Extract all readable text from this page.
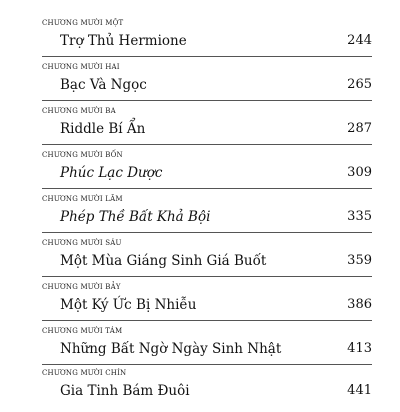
CHƯƠNG MƯỜI MỘT
Trợ Thủ Hermione	244
CHƯƠNG MƯỜI HAI
Bạc Và Ngọc	265
CHƯƠNG MƯỜI BA
Riddle Bí Ẩn	287
CHƯƠNG MƯỜI BỐN
Phúc Lạc Dược	309
CHƯƠNG MƯỜI LĂM
Phép Thề Bất Khả Bội	335
CHƯƠNG MƯỜI SÁU
Một Mùa Giáng Sinh Giá Buốt	359
CHƯƠNG MƯỜI BẢY
Một Ký Ức Bị Nhiễu	386
CHƯƠNG MƯỜI TÁM
Những Bất Ngờ Ngày Sinh Nhật	413
CHƯƠNG MƯỜI CHÍN
Gia Tinh Bám Đuôi	441
